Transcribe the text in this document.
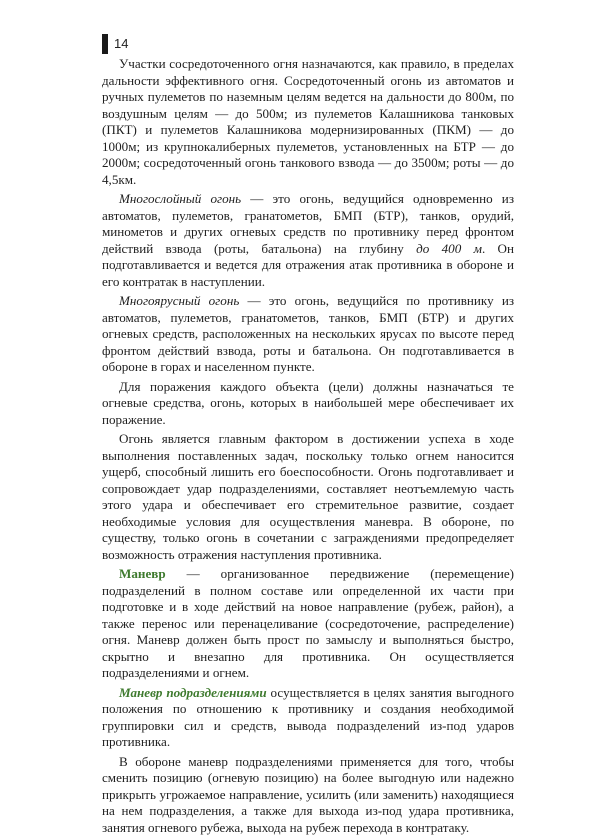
14

Участки сосредоточенного огня назначаются, как правило, в пределах дальности эффективного огня. Сосредоточенный огонь из автоматов и ручных пулеметов по наземным целям ведется на дальности до 800м, по воздушным целям — до 500м; из пулеметов Калашникова танковых (ПКТ) и пулеметов Калашникова модернизированных (ПКМ) — до 1000м; из крупнокалиберных пулеметов, установленных на БТР — до 2000м; сосредоточенный огонь танкового взвода — до 3500м; роты — до 4,5км.

Многослойный огонь — это огонь, ведущийся одновременно из автоматов, пулеметов, гранатометов, БМП (БТР), танков, орудий, минометов и других огневых средств по противнику перед фронтом действий взвода (роты, батальона) на глубину до 400 м. Он подготавливается и ведется для отражения атак противника в обороне и его контратак в наступлении.

Многоярусный огонь — это огонь, ведущийся по противнику из автоматов, пулеметов, гранатометов, танков, БМП (БТР) и других огневых средств, расположенных на нескольких ярусах по высоте перед фронтом действий взвода, роты и батальона. Он подготавливается в обороне в горах и населенном пункте.

Для поражения каждого объекта (цели) должны назначаться те огневые средства, огонь, которых в наибольшей мере обеспечивает их поражение.

Огонь является главным фактором в достижении успеха в ходе выполнения поставленных задач, поскольку только огнем наносится ущерб, способный лишить его боеспособности. Огонь подготавливает и сопровождает удар подразделениями, составляет неотъемлемую часть этого удара и обеспечивает его стремительное развитие, создает необходимые условия для осуществления маневра. В обороне, по существу, только огонь в сочетании с заграждениями предопределяет возможность отражения наступления противника.

Маневр — организованное передвижение (перемещение) подразделений в полном составе или определенной их части при подготовке и в ходе действий на новое направление (рубеж, район), а также перенос или перенацеливание (сосредоточение, распределение) огня. Маневр должен быть прост по замыслу и выполняться быстро, скрытно и внезапно для противника. Он осуществляется подразделениями и огнем.

Маневр подразделениями осуществляется в целях занятия выгодного положения по отношению к противнику и создания необходимой группировки сил и средств, вывода подразделений из-под ударов противника.

В обороне маневр подразделениями применяется для того, чтобы сменить позицию (огневую позицию) на более выгодную или надежно прикрыть угрожаемое направление, усилить (или заменить) находящиеся на нем подразделения, а также для выхода из-под удара противника, занятия огневого рубежа, выхода на рубеж перехода в контратаку.
